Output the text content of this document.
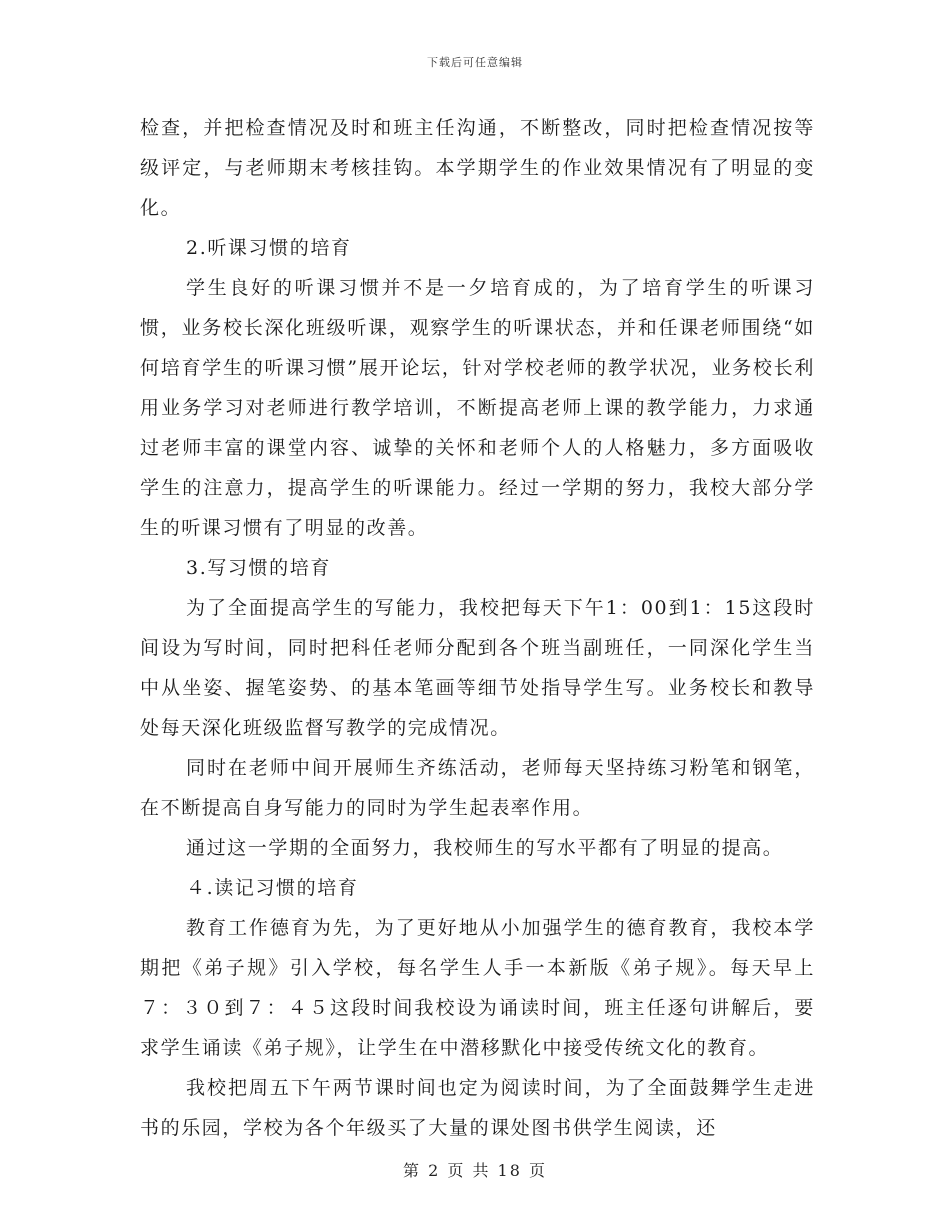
下载后可任意编辑

检查，并把检查情况及时和班主任沟通，不断整改，同时把检查情况按等级评定，与老师期末考核挂钩。本学期学生的作业效果情况有了明显的变化。

2.听课习惯的培育

学生良好的听课习惯并不是一夕培育成的，为了培育学生的听课习惯，业务校长深化班级听课，观察学生的听课状态，并和任课老师围绕“如何培育学生的听课习惯”展开论坛，针对学校老师的教学状况，业务校长利用业务学习对老师进行教学培训，不断提高老师上课的教学能力，力求通过老师丰富的课堂内容、诚挚的关怀和老师个人的人格魅力，多方面吸收学生的注意力，提高学生的听课能力。经过一学期的努力，我校大部分学生的听课习惯有了明显的改善。

3.写习惯的培育

为了全面提高学生的写能力，我校把每天下午1：00到1：15这段时间设为写时间，同时把科任老师分配到各个班当副班任，一同深化学生当中从坐姿、握笔姿势、的基本笔画等细节处指导学生写。业务校长和教导处每天深化班级监督写教学的完成情况。

同时在老师中间开展师生齐练活动，老师每天坚持练习粉笔和钢笔，在不断提高自身写能力的同时为学生起表率作用。

通过这一学期的全面努力，我校师生的写水平都有了明显的提高。

４.读记习惯的培育

教育工作德育为先，为了更好地从小加强学生的德育教育，我校本学期把《弟子规》引入学校，每名学生人手一本新版《弟子规》。每天早上７：３０到７：４５这段时间我校设为诵读时间，班主任逐句讲解后，要求学生诵读《弟子规》，让学生在中潜移默化中接受传统文化的教育。

我校把周五下午两节课时间也定为阅读时间，为了全面鼓舞学生走进书的乐园，学校为各个年级买了大量的课处图书供学生阅读，还

第 2 页 共 18 页
